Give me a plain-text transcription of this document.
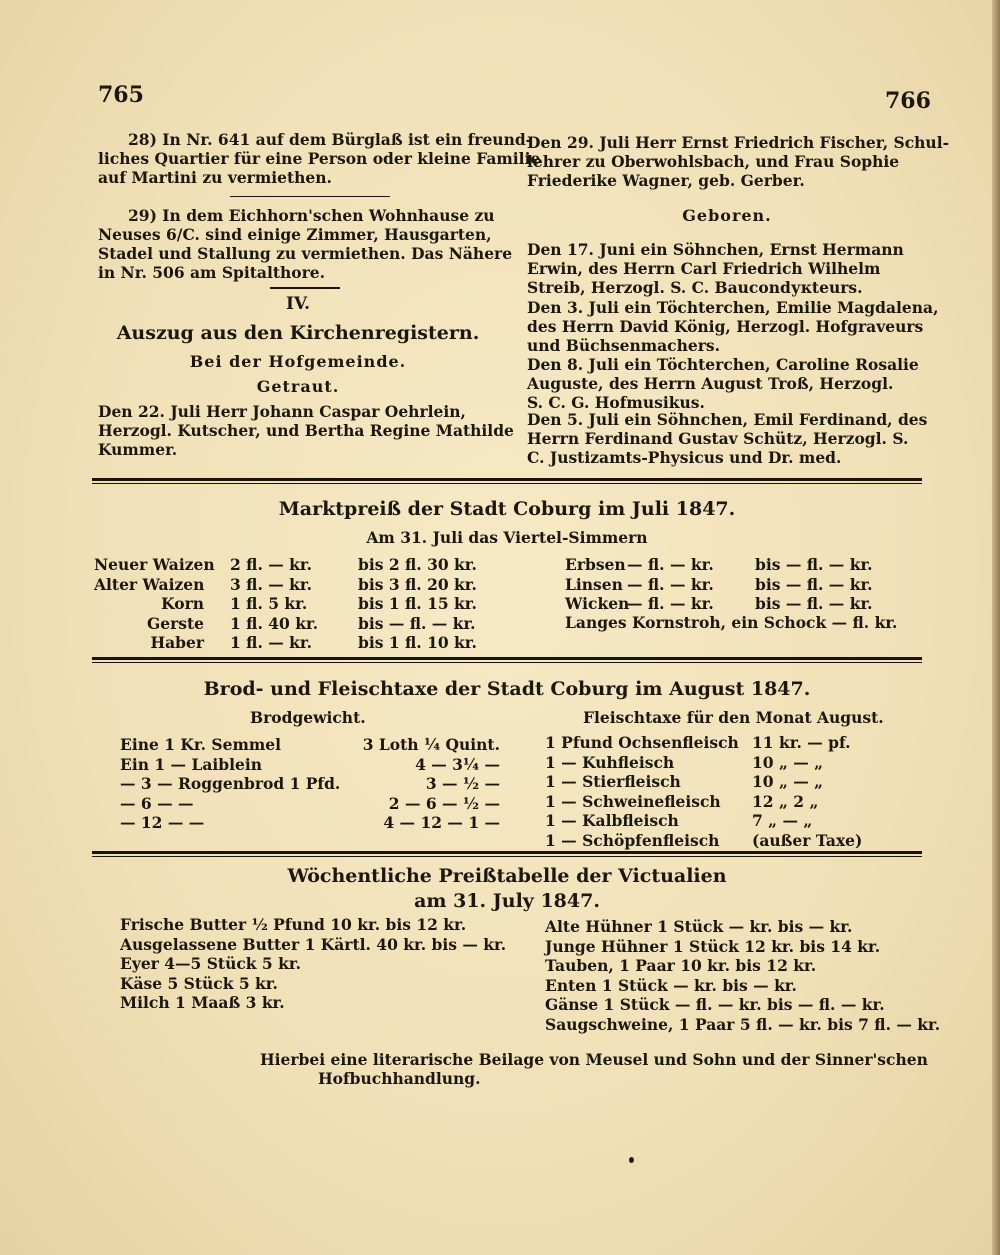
765	766
28) In Nr. 641 auf dem Bürglaß ist ein freund-
liches Quartier für eine Person oder kleine Familie
auf Martini zu vermiethen.
29) In dem Eichhorn'schen Wohnhause zu
Neuses 6/C. sind einige Zimmer, Hausgarten,
Stadel und Stallung zu vermiethen. Das Nähere
in Nr. 506 am Spitalthore.
IV.
Auszug aus den Kirchenregistern.
Bei der Hofgemeinde.
Getraut.
Den 22. Juli Herr Johann Caspar Oehrlein,
Herzogl. Kutscher, und Bertha Regine Mathilde
Kummer.
Den 29. Juli Herr Ernst Friedrich Fischer, Schul-
lehrer zu Oberwohlsbach, und Frau Sophie
Friederike Wagner, geb. Gerber.
Geboren.
Den 17. Juni ein Söhnchen, Ernst Hermann
Erwin, des Herrn Carl Friedrich Wilhelm
Streib, Herzogl. S. C. Baucondукteurs.
Den 3. Juli ein Töchterchen, Emilie Magdalena,
des Herrn David König, Herzogl. Hofgraveurs
und Büchsenmachers.
Den 8. Juli ein Töchterchen, Caroline Rosalie
Auguste, des Herrn August Troß, Herzogl.
S. C. G. Hofmusikus.
Den 5. Juli ein Söhnchen, Emil Ferdinand, des
Herrn Ferdinand Gustav Schütz, Herzogl. S.
C. Justizamts-Physicus und Dr. med.
Marktpreiß der Stadt Coburg im Juli 1847.
Am 31. Juli das Viertel-Simmern
Neuer Waizen
Alter Waizen
Korn
Gerste
Haber
2 fl. — kr.
3 fl. — kr.
1 fl. 5 kr.
1 fl. 40 kr.
1 fl. — kr.
bis 2 fl. 30 kr.
bis 3 fl. 20 kr.
bis 1 fl. 15 kr.
bis — fl. — kr.
bis 1 fl. 10 kr.
Erbsen
Linsen
Wicken
— fl. — kr.
— fl. — kr.
— fl. — kr.
bis — fl. — kr.
bis — fl. — kr.
bis — fl. — kr.
Langes Kornstroh, ein Schock — fl. kr.
Brod- und Fleischtaxe der Stadt Coburg im August 1847.
Brodgewicht.
Eine 1 Kr. Semmel
Ein 1 — Laiblein
— 3 — Roggenbrod 1 Pfd.
— 6 — —
— 12 — —
3 Loth ¼ Quint.
4 — 3¼ —
3 — ½ —
2 — 6 — ½ —
4 — 12 — 1 —
Fleischtaxe für den Monat August.
1 Pfund Ochsenfleisch
1 — Kuhfleisch
1 — Stierfleisch
1 — Schweinefleisch
1 — Kalbfleisch
1 — Schöpfenfleisch
11 kr. — pf.
10 „ — „
10 „ — „
12 „ 2 „
7 „ — „
(außer Taxe)
Wöchentliche Preißtabelle der Victualien
am 31. July 1847.
Frische Butter ½ Pfund 10 kr. bis 12 kr.
Ausgelassene Butter 1 Kärtl. 40 kr. bis — kr.
Eyer 4—5 Stück 5 kr.
Käse 5 Stück 5 kr.
Milch 1 Maaß 3 kr.
Alte Hühner 1 Stück — kr. bis — kr.
Junge Hühner 1 Stück 12 kr. bis 14 kr.
Tauben, 1 Paar 10 kr. bis 12 kr.
Enten 1 Stück — kr. bis — kr.
Gänse 1 Stück — fl. — kr. bis — fl. — kr.
Saugschweine, 1 Paar 5 fl. — kr. bis 7 fl. — kr.
Hierbei eine literarische Beilage von Meusel und Sohn und der Sinner'schen
Hofbuchhandlung.
